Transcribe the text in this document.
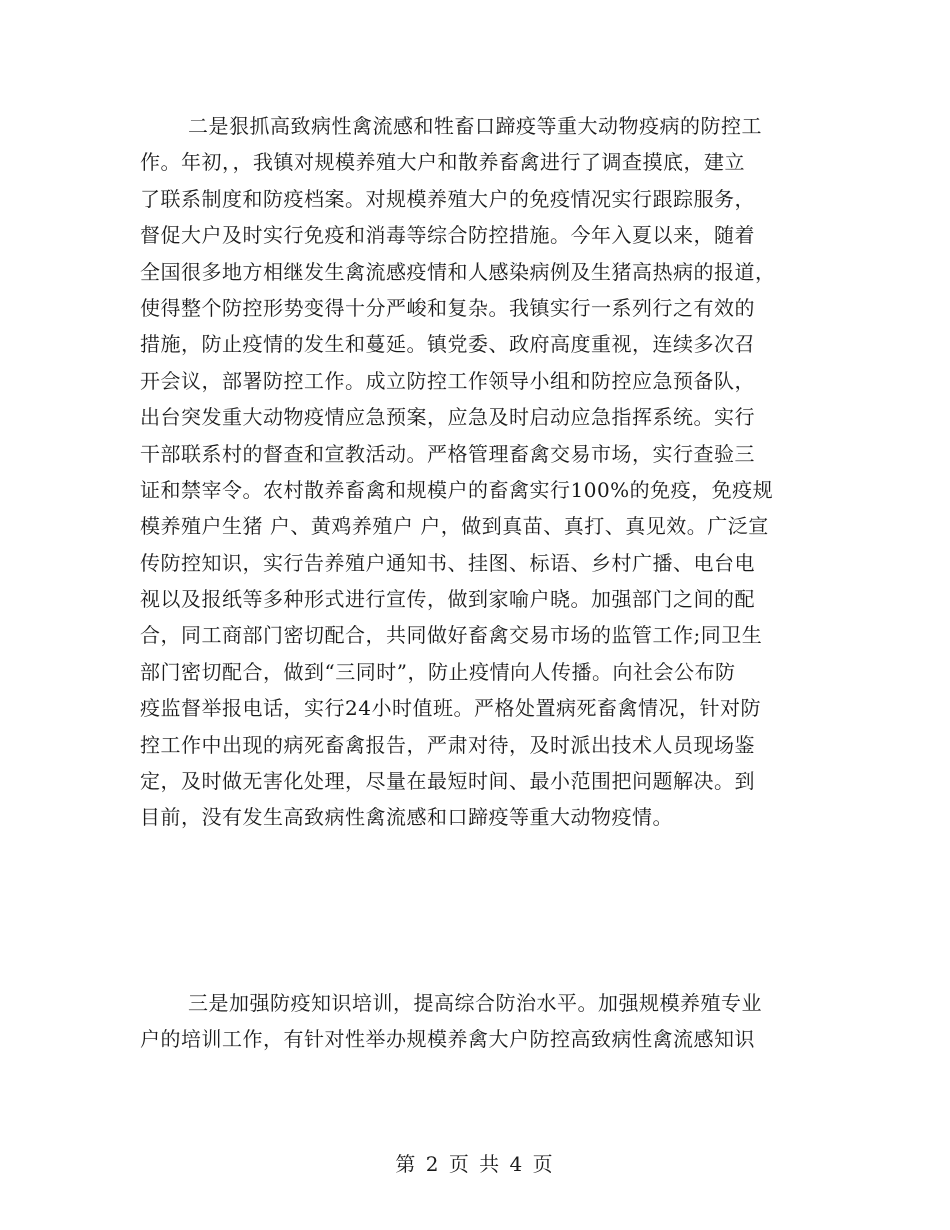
二是狠抓高致病性禽流感和牲畜口蹄疫等重大动物疫病的防控工
作。年初，，我镇对规模养殖大户和散养畜禽进行了调查摸底，建立
了联系制度和防疫档案。对规模养殖大户的免疫情况实行跟踪服务，
督促大户及时实行免疫和消毒等综合防控措施。今年入夏以来，随着
全国很多地方相继发生禽流感疫情和人感染病例及生猪高热病的报道，
使得整个防控形势变得十分严峻和复杂。我镇实行一系列行之有效的
措施，防止疫情的发生和蔓延。镇党委、政府高度重视，连续多次召
开会议，部署防控工作。成立防控工作领导小组和防控应急预备队，
出台突发重大动物疫情应急预案，应急及时启动应急指挥系统。实行
干部联系村的督查和宣教活动。严格管理畜禽交易市场，实行查验三
证和禁宰令。农村散养畜禽和规模户的畜禽实行100%的免疫，免疫规
模养殖户生猪 户、黄鸡养殖户 户，做到真苗、真打、真见效。广泛宣
传防控知识，实行告养殖户通知书、挂图、标语、乡村广播、电台电
视以及报纸等多种形式进行宣传，做到家喻户晓。加强部门之间的配
合，同工商部门密切配合，共同做好畜禽交易市场的监管工作;同卫生
部门密切配合，做到“三同时”，防止疫情向人传播。向社会公布防
疫监督举报电话，实行24小时值班。严格处置病死畜禽情况，针对防
控工作中出现的病死畜禽报告，严肃对待，及时派出技术人员现场鉴
定，及时做无害化处理，尽量在最短时间、最小范围把问题解决。到
目前，没有发生高致病性禽流感和口蹄疫等重大动物疫情。
三是加强防疫知识培训，提高综合防治水平。加强规模养殖专业
户的培训工作，有针对性举办规模养禽大户防控高致病性禽流感知识
第 2 页 共 4 页
